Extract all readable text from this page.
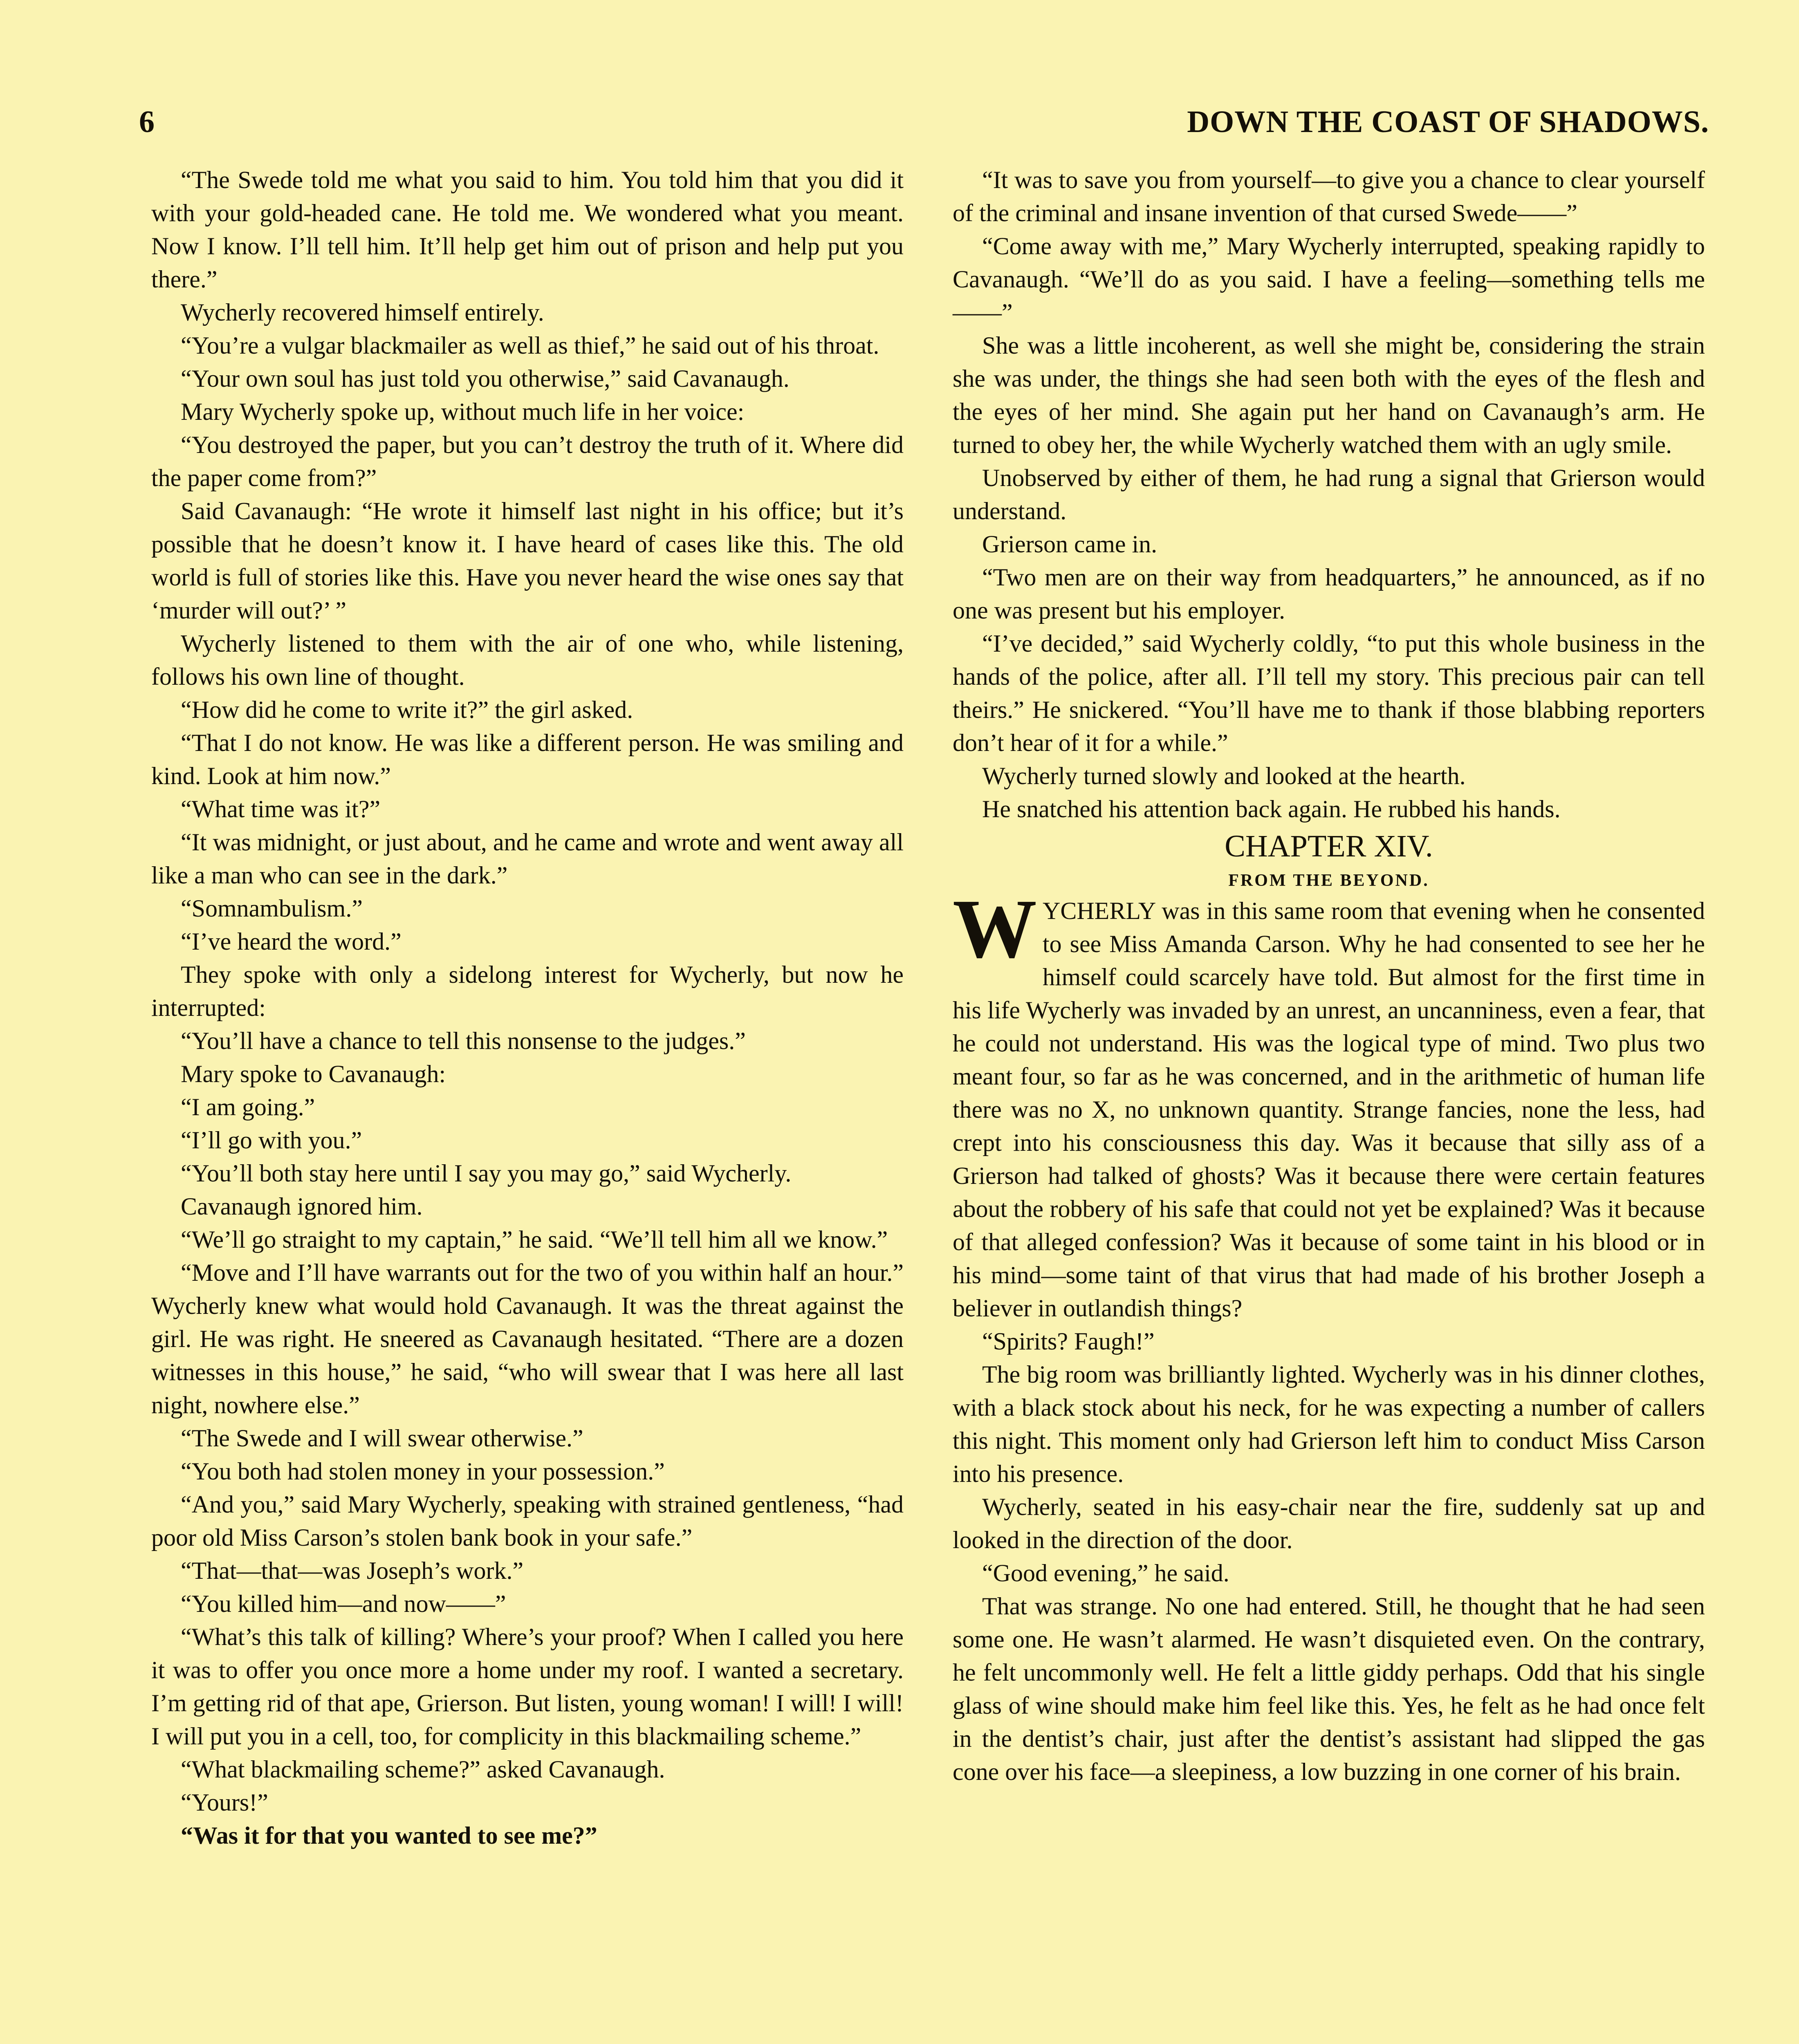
6	DOWN THE COAST OF SHADOWS.

“The Swede told me what you said to him. You told him that you did it with your gold-headed cane. He told me. We wondered what you meant. Now I know. I’ll tell him. It’ll help get him out of prison and help put you there.”

Wycherly recovered himself entirely.

“You’re a vulgar blackmailer as well as thief,” he said out of his throat.

“Your own soul has just told you otherwise,” said Cavanaugh.

Mary Wycherly spoke up, without much life in her voice:

“You destroyed the paper, but you can’t destroy the truth of it. Where did the paper come from?”

Said Cavanaugh: “He wrote it himself last night in his office; but it’s possible that he doesn’t know it. I have heard of cases like this. The old world is full of stories like this. Have you never heard the wise ones say that ‘murder will out?’ ”

Wycherly listened to them with the air of one who, while listening, follows his own line of thought.

“How did he come to write it?” the girl asked.

“That I do not know. He was like a different person. He was smiling and kind. Look at him now.”

“What time was it?”

“It was midnight, or just about, and he came and wrote and went away all like a man who can see in the dark.”

“Somnambulism.”

“I’ve heard the word.”

They spoke with only a sidelong interest for Wycherly, but now he interrupted:

“You’ll have a chance to tell this nonsense to the judges.”

Mary spoke to Cavanaugh:

“I am going.”

“I’ll go with you.”

“You’ll both stay here until I say you may go,” said Wycherly.

Cavanaugh ignored him.

“We’ll go straight to my captain,” he said. “We’ll tell him all we know.”

“Move and I’ll have warrants out for the two of you within half an hour.” Wycherly knew what would hold Cavanaugh. It was the threat against the girl. He was right. He sneered as Cavanaugh hesitated. “There are a dozen witnesses in this house,” he said, “who will swear that I was here all last night, nowhere else.”

“The Swede and I will swear otherwise.”

“You both had stolen money in your possession.”

“And you,” said Mary Wycherly, speaking with strained gentleness, “had poor old Miss Carson’s stolen bank book in your safe.”

“That—that—was Joseph’s work.”

“You killed him—and now——”

“What’s this talk of killing? Where’s your proof? When I called you here it was to offer you once more a home under my roof. I wanted a secretary. I’m getting rid of that ape, Grierson. But listen, young woman! I will! I will! I will put you in a cell, too, for complicity in this blackmailing scheme.”

“What blackmailing scheme?” asked Cavanaugh.

“Yours!”

“Was it for that you wanted to see me?”

“It was to save you from yourself—to give you a chance to clear yourself of the criminal and insane invention of that cursed Swede——”

“Come away with me,” Mary Wycherly interrupted, speaking rapidly to Cavanaugh. “We’ll do as you said. I have a feeling—something tells me——”

She was a little incoherent, as well she might be, considering the strain she was under, the things she had seen both with the eyes of the flesh and the eyes of her mind. She again put her hand on Cavanaugh’s arm. He turned to obey her, the while Wycherly watched them with an ugly smile.

Unobserved by either of them, he had rung a signal that Grierson would understand.

Grierson came in.

“Two men are on their way from headquarters,” he announced, as if no one was present but his employer.

“I’ve decided,” said Wycherly coldly, “to put this whole business in the hands of the police, after all. I’ll tell my story. This precious pair can tell theirs.” He snickered. “You’ll have me to thank if those blabbing reporters don’t hear of it for a while.”

Wycherly turned slowly and looked at the hearth.

He snatched his attention back again. He rubbed his hands.

CHAPTER XIV.

FROM THE BEYOND.

WYCHERLY was in this same room that evening when he consented to see Miss Amanda Carson. Why he had consented to see her he himself could scarcely have told. But almost for the first time in his life Wycherly was invaded by an unrest, an uncanniness, even a fear, that he could not understand. His was the logical type of mind. Two plus two meant four, so far as he was concerned, and in the arithmetic of human life there was no X, no unknown quantity. Strange fancies, none the less, had crept into his consciousness this day. Was it because that silly ass of a Grierson had talked of ghosts? Was it because there were certain features about the robbery of his safe that could not yet be explained? Was it because of that alleged confession? Was it because of some taint in his blood or in his mind—some taint of that virus that had made of his brother Joseph a believer in outlandish things?

“Spirits? Faugh!”

The big room was brilliantly lighted. Wycherly was in his dinner clothes, with a black stock about his neck, for he was expecting a number of callers this night. This moment only had Grierson left him to conduct Miss Carson into his presence.

Wycherly, seated in his easy-chair near the fire, suddenly sat up and looked in the direction of the door.

“Good evening,” he said.

That was strange. No one had entered. Still, he thought that he had seen some one. He wasn’t alarmed. He wasn’t disquieted even. On the contrary, he felt uncommonly well. He felt a little giddy perhaps. Odd that his single glass of wine should make him feel like this. Yes, he felt as he had once felt in the dentist’s chair, just after the dentist’s assistant had slipped the gas cone over his face—a sleepiness, a low buzzing in one corner of his brain.
